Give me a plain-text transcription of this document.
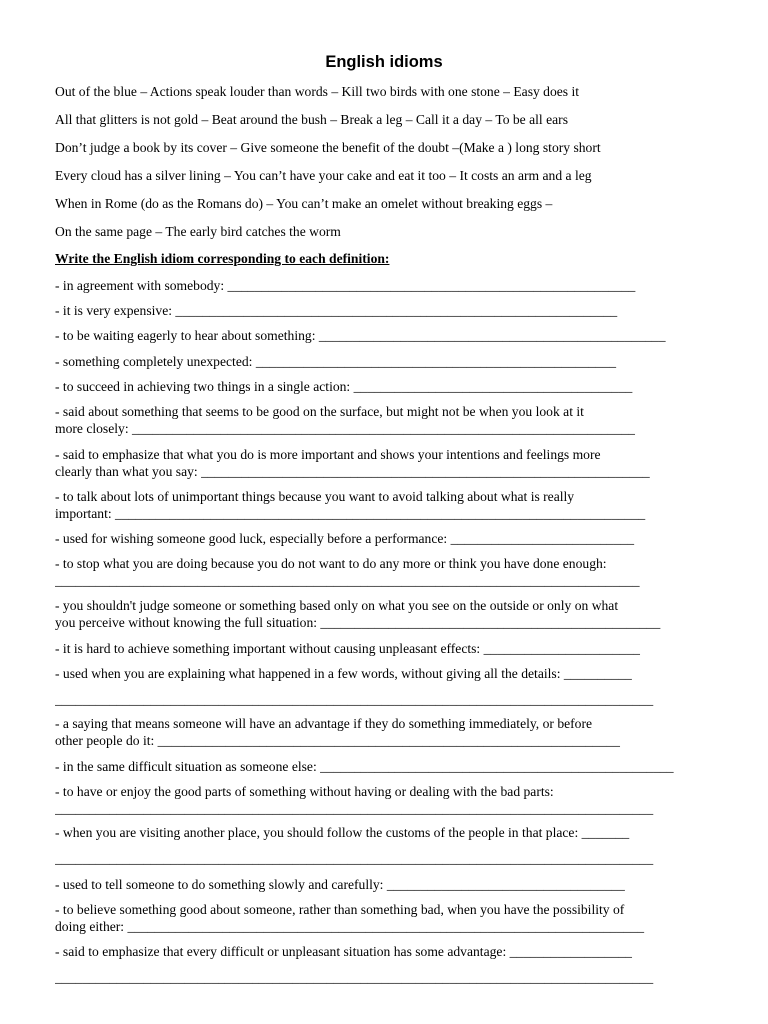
English idioms
Out of the blue – Actions speak louder than words – Kill two birds with one stone – Easy does it
All that glitters is not gold – Beat around the bush – Break a leg – Call it a day – To be all ears
Don’t judge a book by its cover – Give someone the benefit of the doubt –(Make a ) long story short
Every cloud has a silver lining – You can’t have your cake and eat it too – It costs an arm and a leg
When in Rome (do as the Romans do) – You can’t make an omelet without breaking eggs –
On the same page – The early bird catches the worm
Write the English idiom corresponding to each definition:
- in agreement with somebody: ____________________________________________________________
- it is very expensive: _________________________________________________________________
- to be waiting eagerly to hear about something: ___________________________________________________
- something completely unexpected: _____________________________________________________
- to succeed in achieving two things in a single action: _________________________________________
- said about something that seems to be good on the surface, but might not be when you look at it
more closely: __________________________________________________________________________
- said to emphasize that what you do is more important and shows your intentions and feelings more
clearly than what you say: __________________________________________________________________
- to talk about lots of unimportant things because you want to avoid talking about what is really
important: ______________________________________________________________________________
- used for wishing someone good luck, especially before a performance: ___________________________
- to stop what you are doing because you do not want to do any more or think you have done enough:
______________________________________________________________________________________
- you shouldn't judge someone or something based only on what you see on the outside or only on what
you perceive without knowing the full situation: __________________________________________________
- it is hard to achieve something important without causing unpleasant effects: _______________________
- used when you are explaining what happened in a few words, without giving all the details: __________
________________________________________________________________________________________
- a saying that means someone will have an advantage if they do something immediately, or before
other people do it: ____________________________________________________________________
- in the same difficult situation as someone else: ____________________________________________________
- to have or enjoy the good parts of something without having or dealing with the bad parts:
________________________________________________________________________________________
- when you are visiting another place, you should follow the customs of the people in that place: _______
________________________________________________________________________________________
- used to tell someone to do something slowly and carefully: ___________________________________
- to believe something good about someone, rather than something bad, when you have the possibility of
doing either: ____________________________________________________________________________
- said to emphasize that every difficult or unpleasant situation has some advantage: __________________
________________________________________________________________________________________
